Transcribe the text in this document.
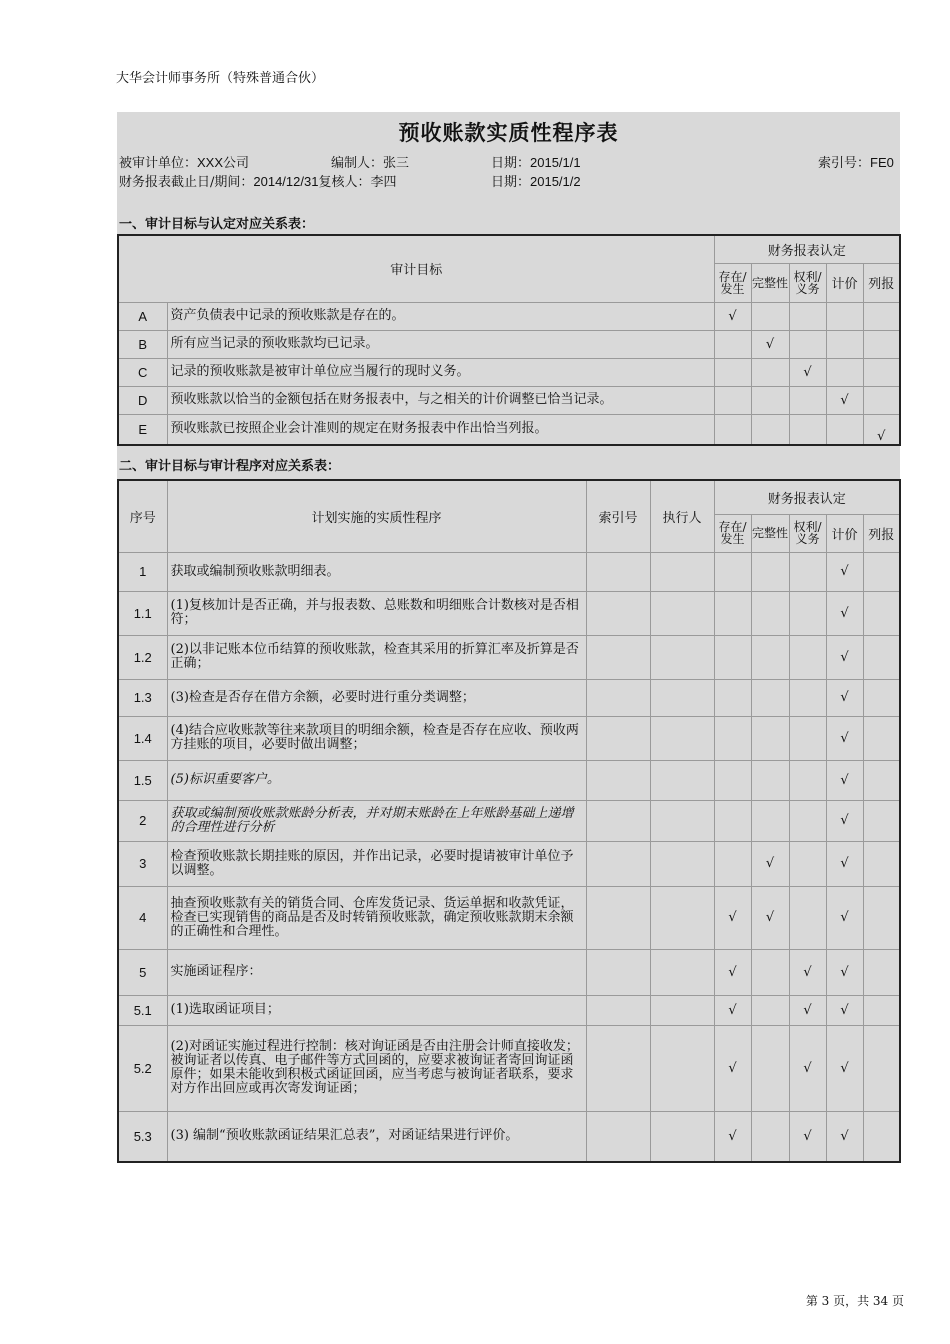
大华会计师事务所（特殊普通合伙）
预收账款实质性程序表
被审计单位：XXX公司	编制人：张三	日期：2015/1/1	索引号：FE0
财务报表截止日/期间：2014/12/31复核人：李四	日期：2015/1/2
一、审计目标与认定对应关系表：
审计目标		财务报表认定				
		存在/发生	完整性	权利/义务	计价	列报
A	资产负债表中记录的预收账款是存在的。	√				
B	所有应当记录的预收账款均已记录。		√			
C	记录的预收账款是被审计单位应当履行的现时义务。			√		
D	预收账款以恰当的金额包括在财务报表中，与之相关的计价调整已恰当记录。				√	
E	预收账款已按照企业会计准则的规定在财务报表中作出恰当列报。					√
二、审计目标与审计程序对应关系表：
序号	计划实施的实质性程序	索引号	执行人	财务报表认定				
				存在/发生	完整性	权利/义务	计价	列报
1	获取或编制预收账款明细表。						√	
1.1	(1)复核加计是否正确，并与报表数、总账数和明细账合计数核对是否相符；						√	
1.2	(2)以非记账本位币结算的预收账款，检查其采用的折算汇率及折算是否正确；						√	
1.3	(3)检查是否存在借方余额，必要时进行重分类调整；						√	
1.4	(4)结合应收账款等往来款项目的明细余额，检查是否存在应收、预收两方挂账的项目，必要时做出调整；						√	
1.5	(5)标识重要客户。						√	
2	获取或编制预收账款账龄分析表，并对期末账龄在上年账龄基础上递增的合理性进行分析						√	
3	检查预收账款长期挂账的原因，并作出记录，必要时提请被审计单位予以调整。				√		√	
4	抽查预收账款有关的销货合同、仓库发货记录、货运单据和收款凭证，检查已实现销售的商品是否及时转销预收账款，确定预收账款期末余额的正确性和合理性。			√	√		√	
5	实施函证程序：			√		√	√	
5.1	(1)选取函证项目；			√		√	√	
5.2	(2)对函证实施过程进行控制：核对询证函是否由注册会计师直接收发；被询证者以传真、电子邮件等方式回函的，应要求被询证者寄回询证函原件；如果未能收到积极式函证回函，应当考虑与被询证者联系，要求对方作出回应或再次寄发询证函；			√		√	√	
5.3	(3) 编制“预收账款函证结果汇总表”，对函证结果进行评价。			√		√	√	
第 3 页，共 34 页
